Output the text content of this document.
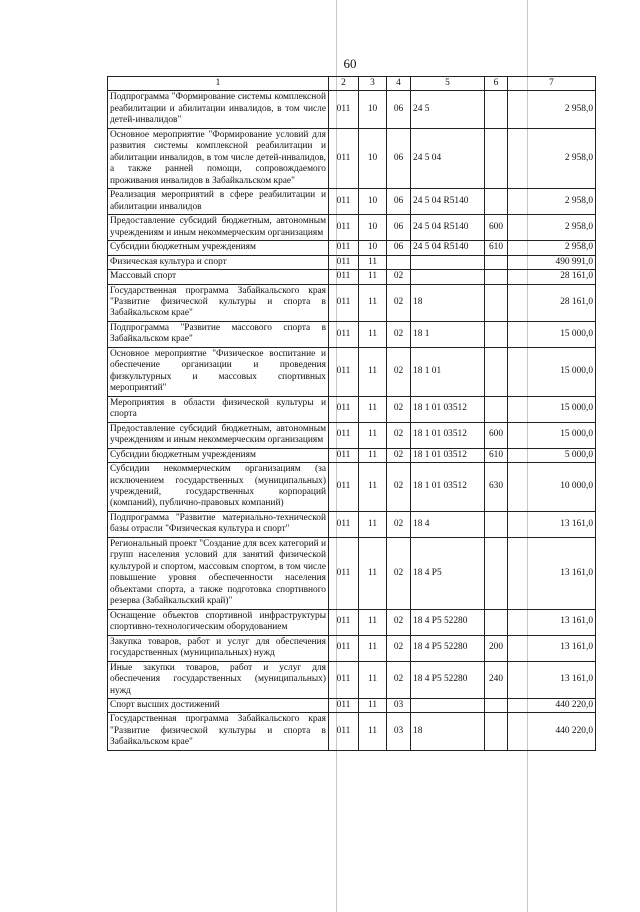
60
1	2	3	4	5	6	7
Подпрограмма "Формирование системы комплексной реабилитации и абилитации инвалидов, в том числе детей-инвалидов"	011	10	06	24 5		2 958,0
Основное мероприятие "Формирование условий для развития системы комплексной реабилитации и абилитации инвалидов, в том числе детей-инвалидов, а также ранней помощи, сопровождаемого проживания инвалидов в Забайкальском крае"	011	10	06	24 5 04		2 958,0
Реализация мероприятий в сфере реабилитации и абилитации инвалидов	011	10	06	24 5 04 R5140		2 958,0
Предоставление субсидий бюджетным, автономным учреждениям и иным некоммерческим организациям	011	10	06	24 5 04 R5140	600	2 958,0
Субсидии бюджетным учреждениям	011	10	06	24 5 04 R5140	610	2 958,0
Физическая культура и спорт	011	11				490 991,0
Массовый спорт	011	11	02			28 161,0
Государственная программа Забайкальского края "Развитие физической культуры и спорта в Забайкальском крае"	011	11	02	18		28 161,0
Подпрограмма "Развитие массового спорта в Забайкальском крае"	011	11	02	18 1		15 000,0
Основное мероприятие "Физическое воспитание и обеспечение организации и проведения физкультурных и массовых спортивных мероприятий"	011	11	02	18 1 01		15 000,0
Мероприятия в области физической культуры и спорта	011	11	02	18 1 01 03512		15 000,0
Предоставление субсидий бюджетным, автономным учреждениям и иным некоммерческим организациям	011	11	02	18 1 01 03512	600	15 000,0
Субсидии бюджетным учреждениям	011	11	02	18 1 01 03512	610	5 000,0
Субсидии некоммерческим организациям (за исключением государственных (муниципальных) учреждений, государственных корпораций (компаний), публично-правовых компаний)	011	11	02	18 1 01 03512	630	10 000,0
Подпрограмма "Развитие материально-технической базы отрасли "Физическая культура и спорт"	011	11	02	18 4		13 161,0
Региональный проект "Создание для всех категорий и групп населения условий для занятий физической культурой и спортом, массовым спортом, в том числе повышение уровня обеспеченности населения объектами спорта, а также подготовка спортивного резерва (Забайкальский край)"	011	11	02	18 4 P5		13 161,0
Оснащение объектов спортивной инфраструктуры спортивно-технологическим оборудованием	011	11	02	18 4 P5 52280		13 161,0
Закупка товаров, работ и услуг для обеспечения государственных (муниципальных) нужд	011	11	02	18 4 P5 52280	200	13 161,0
Иные закупки товаров, работ и услуг для обеспечения государственных (муниципальных) нужд	011	11	02	18 4 P5 52280	240	13 161,0
Спорт высших достижений	011	11	03			440 220,0
Государственная программа Забайкальского края "Развитие физической культуры и спорта в Забайкальском крае"	011	11	03	18		440 220,0
